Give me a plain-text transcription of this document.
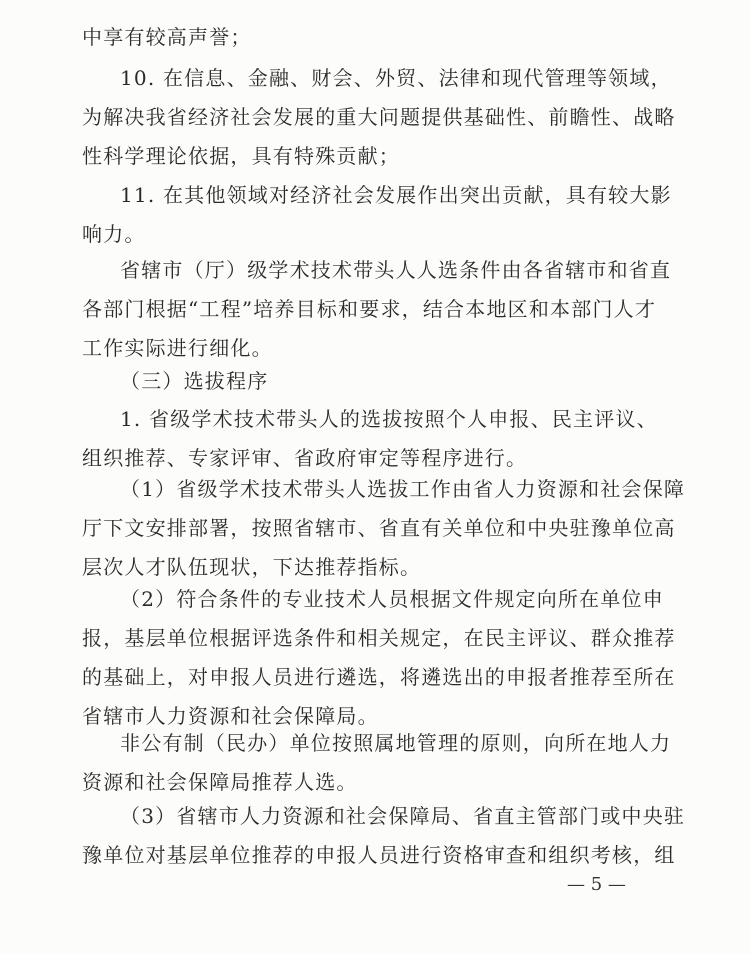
中享有较高声誉；
10. 在信息、金融、财会、外贸、法律和现代管理等领域，
为解决我省经济社会发展的重大问题提供基础性、前瞻性、战略
性科学理论依据，具有特殊贡献；
11. 在其他领域对经济社会发展作出突出贡献，具有较大影
响力。
省辖市（厅）级学术技术带头人人选条件由各省辖市和省直
各部门根据“工程”培养目标和要求，结合本地区和本部门人才
工作实际进行细化。
（三）选拔程序
1. 省级学术技术带头人的选拔按照个人申报、民主评议、
组织推荐、专家评审、省政府审定等程序进行。
（1）省级学术技术带头人选拔工作由省人力资源和社会保障
厅下文安排部署，按照省辖市、省直有关单位和中央驻豫单位高
层次人才队伍现状，下达推荐指标。
（2）符合条件的专业技术人员根据文件规定向所在单位申
报，基层单位根据评选条件和相关规定，在民主评议、群众推荐
的基础上，对申报人员进行遴选，将遴选出的申报者推荐至所在
省辖市人力资源和社会保障局。
非公有制（民办）单位按照属地管理的原则，向所在地人力
资源和社会保障局推荐人选。
（3）省辖市人力资源和社会保障局、省直主管部门或中央驻
豫单位对基层单位推荐的申报人员进行资格审查和组织考核，组
— 5 —
